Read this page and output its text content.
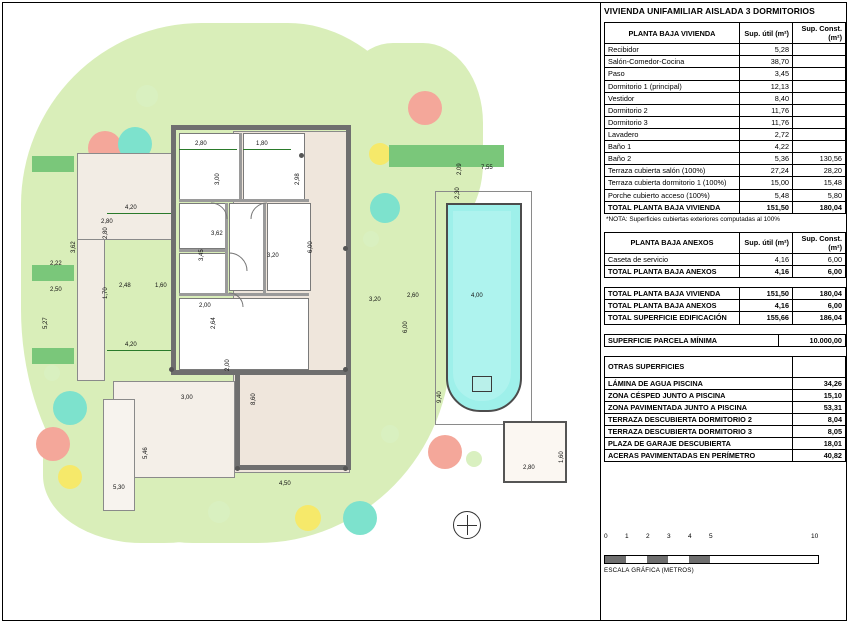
2,80
1,60
2,80	1,80
4,20
4,20
3,62
3,20
2,48	1,60
2,00
3,00
3,20
4,00
4,50
5,30
7,55
2,50
2,22
2,80
2,60
3,00	2,98
6,00
3,45
2,80
1,70
2,64
2,00
8,60	9,40
6,00
5,46
2,09
2,30
5,27
3,62
VIVIENDA UNIFAMILIAR AISLADA 3 DORMITORIOS
PLANTA BAJA VIVIENDA	Sup. útil (m²)	Sup. Const. (m²)
Recibidor	5,28	
Salón-Comedor-Cocina	38,70	
Paso	3,45	
Dormitorio 1 (principal)	12,13	
Vestidor	8,40	
Dormitorio 2	11,76	
Dormitorio 3	11,76	
Lavadero	2,72	
Baño 1	4,22	
Baño 2	5,36	130,56
Terraza cubierta salón (100%)	27,24	28,20
Terraza cubierta dormitorio 1 (100%)	15,00	15,48
Porche cubierto acceso (100%)	5,48	5,80
TOTAL PLANTA BAJA VIVIENDA	151,50	180,04
*NOTA: Superficies cubiertas exteriores computadas al 100%
PLANTA BAJA ANEXOS	Sup. útil (m²)	Sup. Const. (m²)
Caseta de servicio	4,16	6,00
TOTAL PLANTA BAJA ANEXOS	4,16	6,00
TOTAL PLANTA BAJA VIVIENDA	151,50	180,04
TOTAL PLANTA BAJA ANEXOS	4,16	6,00
TOTAL SUPERFICIE EDIFICACIÓN	155,66	186,04
SUPERFICIE PARCELA MÍNIMA	10.000,00
OTRAS SUPERFICIES	
LÁMINA DE AGUA PISCINA	34,26
ZONA CÉSPED JUNTO A PISCINA	15,10
ZONA PAVIMENTADA JUNTO A PISCINA	53,31
TERRAZA DESCUBIERTA DORMITORIO 2	8,04
TERRAZA DESCUBIERTA DORMITORIO 3	8,05
PLAZA DE GARAJE DESCUBIERTA	18,01
ACERAS PAVIMENTADAS EN PERÍMETRO	40,82
0	1	2	3	4	5	10
ESCALA GRÁFICA (METROS)
